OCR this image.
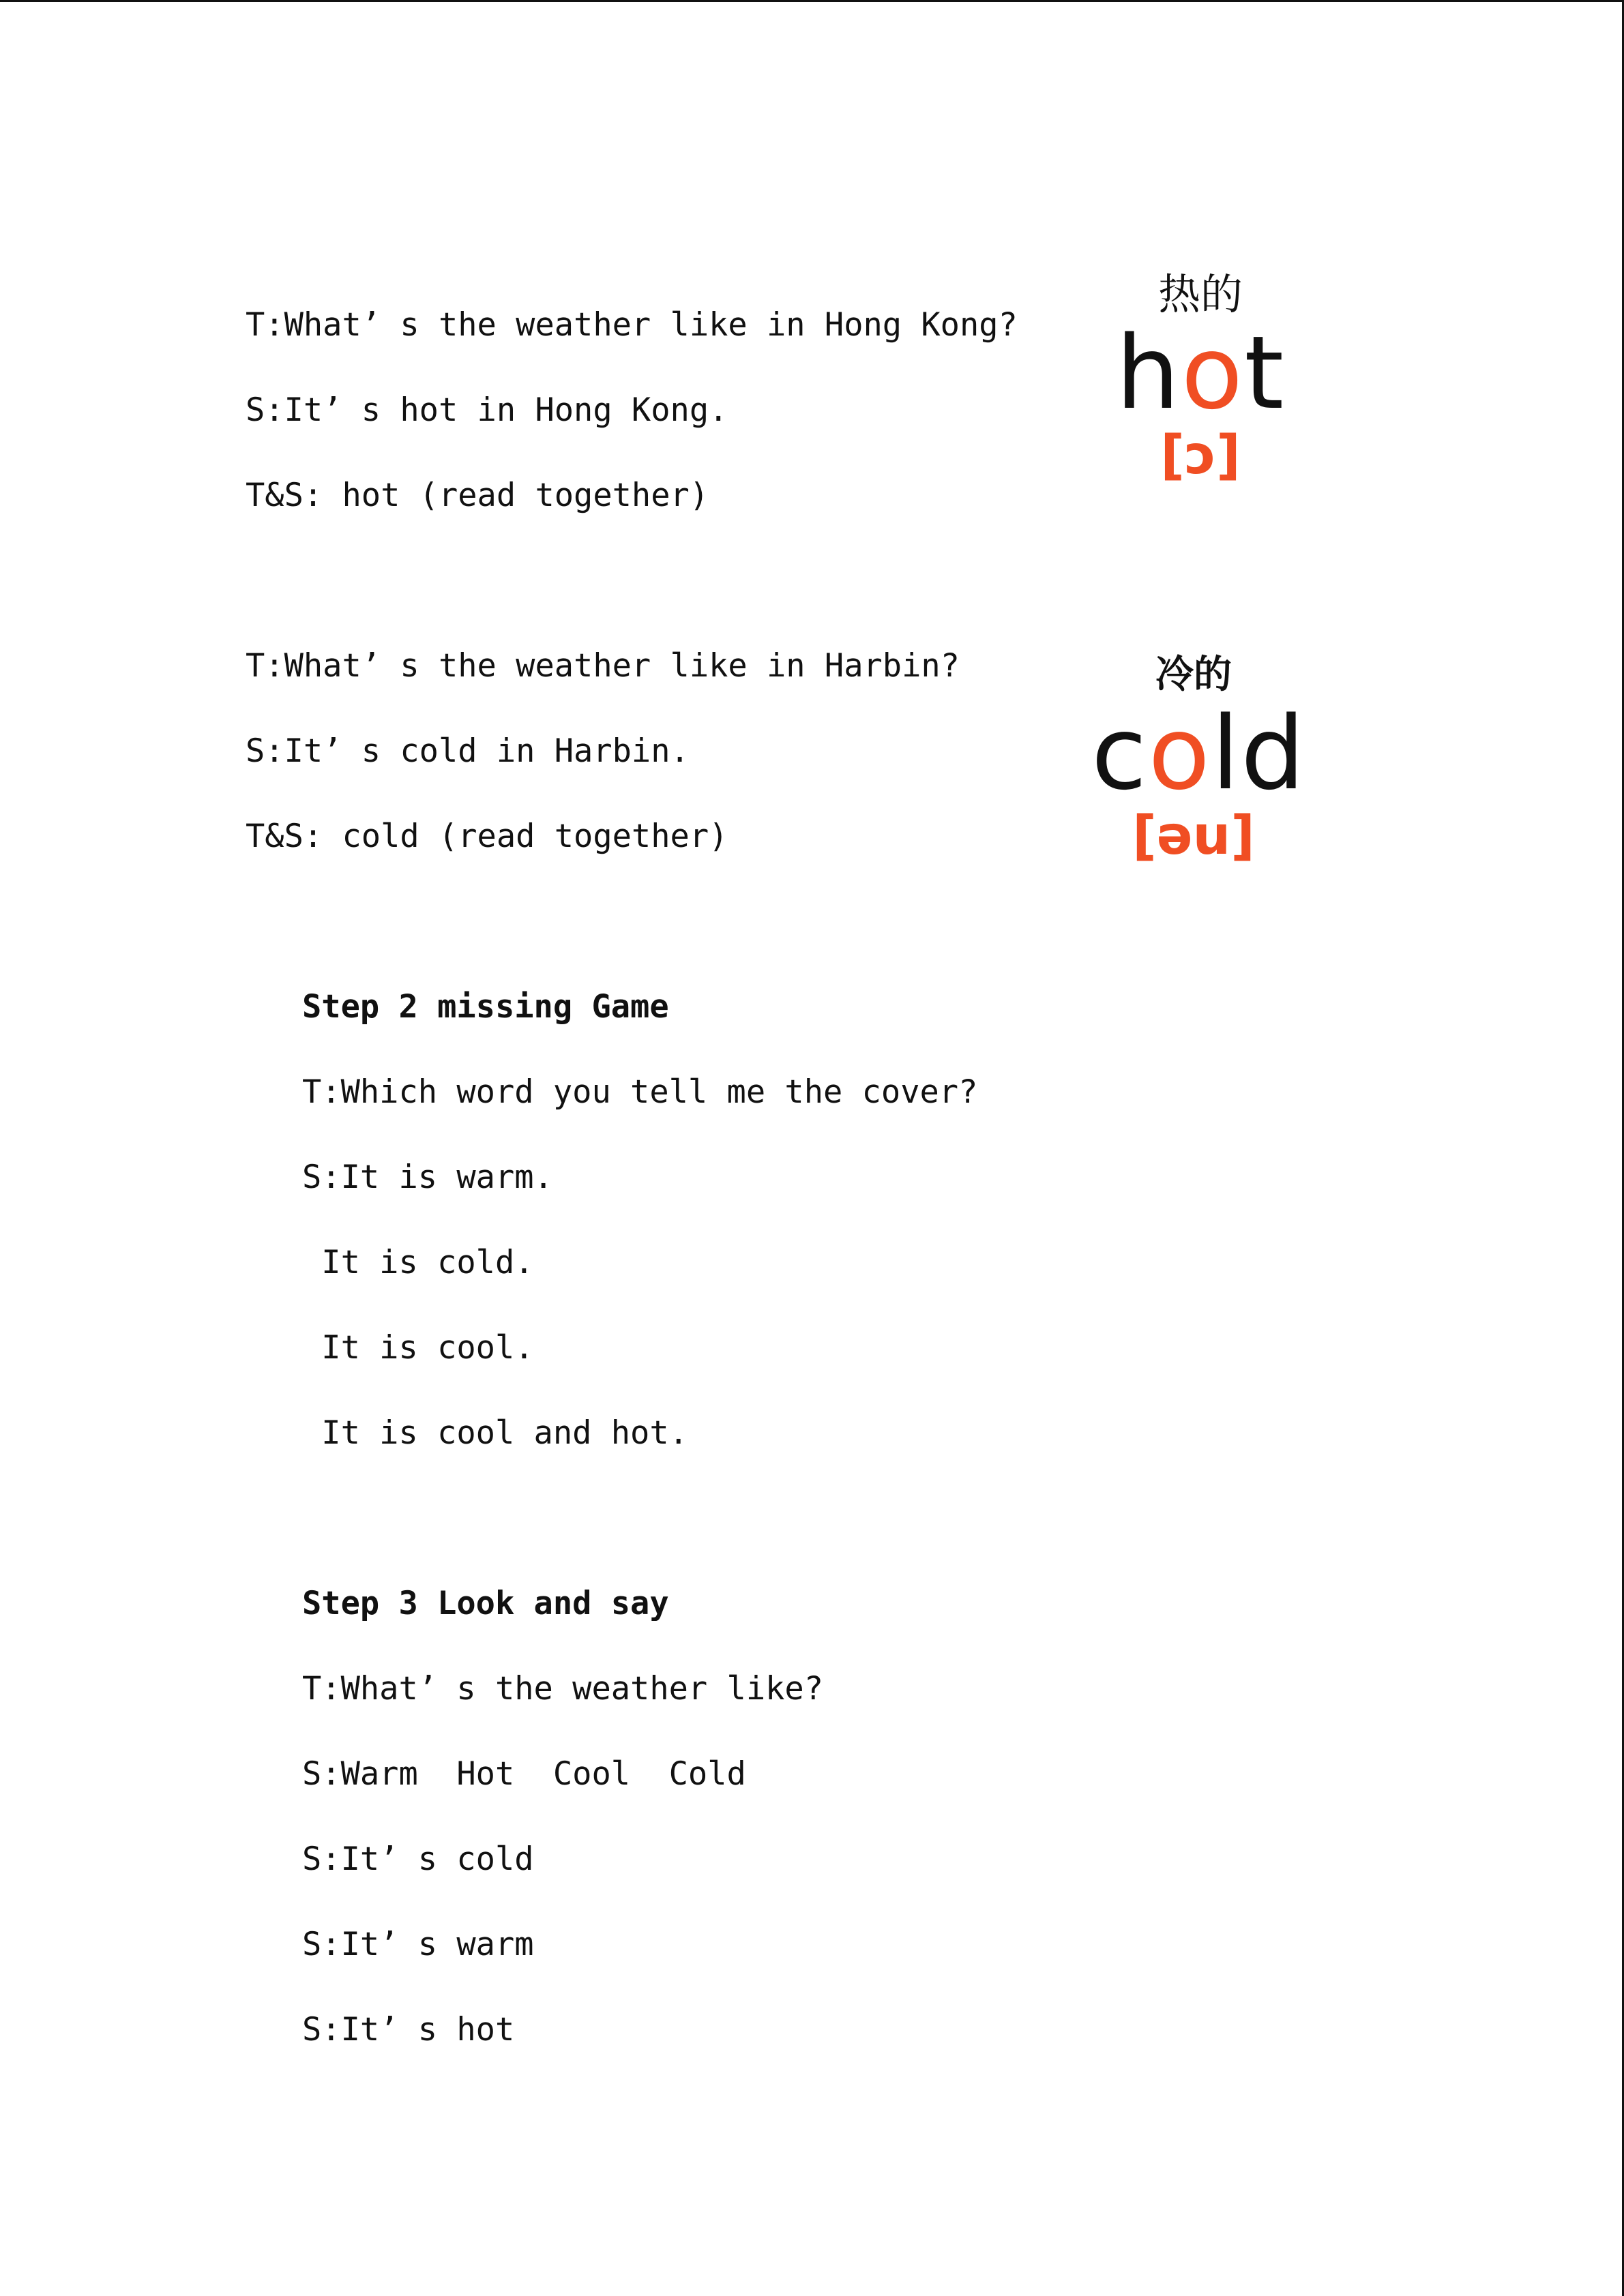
T:What’ s the weather like in Hong Kong?
S:It’ s hot in Hong Kong.
T&S: hot (read together)
热的
hot
[ɔ]
T:What’ s the weather like in Harbin?
S:It’ s cold in Harbin.
T&S: cold (read together)
冷的
cold
[əu]
Step 2 missing Game
T:Which word you tell me the cover?
S:It is warm.
It is cold.
It is cool.
It is cool and hot.
Step 3 Look and say
T:What’ s the weather like?
S:Warm  Hot  Cool  Cold
S:It’ s cold
S:It’ s warm
S:It’ s hot
